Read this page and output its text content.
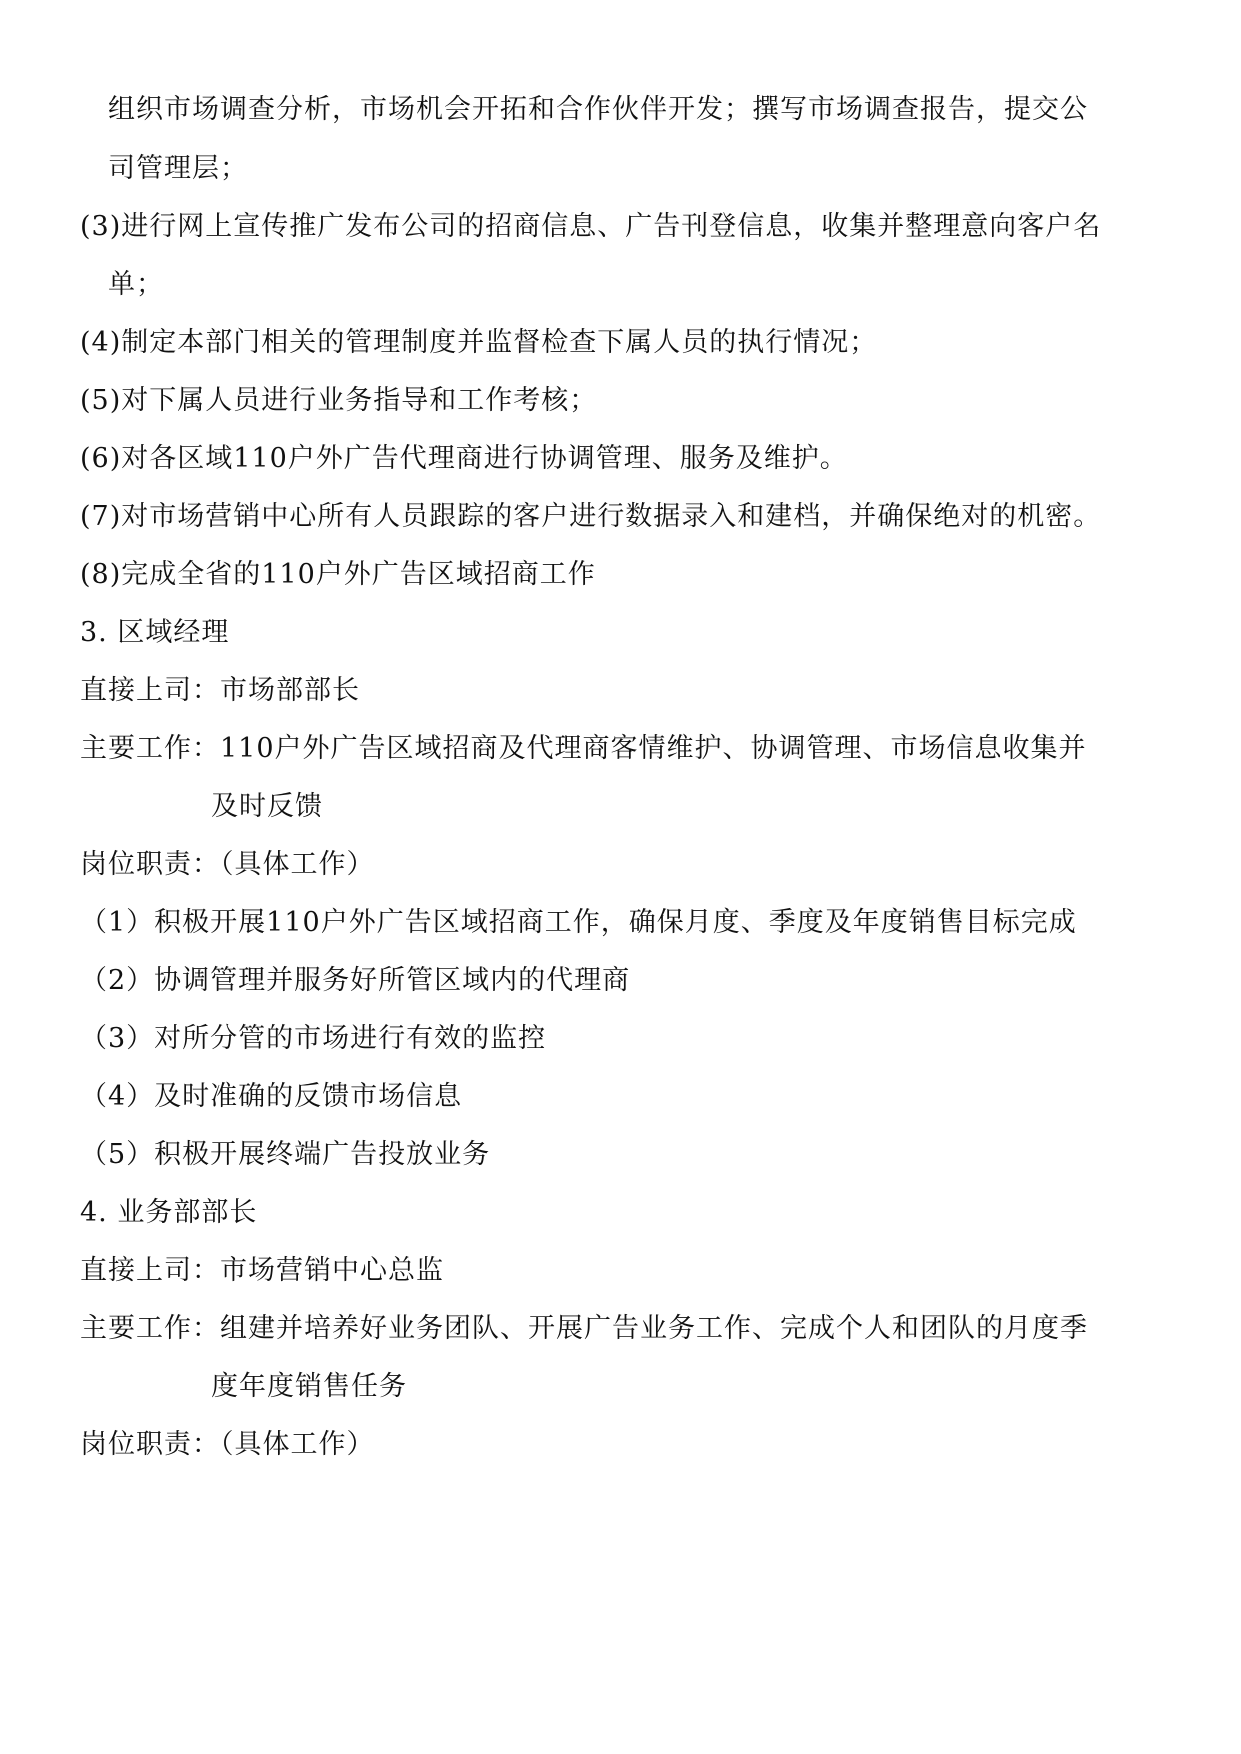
组织市场调查分析，市场机会开拓和合作伙伴开发；撰写市场调查报告，提交公
司管理层；
(3)进行网上宣传推广发布公司的招商信息、广告刊登信息，收集并整理意向客户名
单；
(4)制定本部门相关的管理制度并监督检查下属人员的执行情况；
(5)对下属人员进行业务指导和工作考核；
(6)对各区域110户外广告代理商进行协调管理、服务及维护。
(7)对市场营销中心所有人员跟踪的客户进行数据录入和建档，并确保绝对的机密。
(8)完成全省的110户外广告区域招商工作
3. 区域经理
直接上司：市场部部长
主要工作：110户外广告区域招商及代理商客情维护、协调管理、市场信息收集并
及时反馈
岗位职责：（具体工作）
（1）积极开展110户外广告区域招商工作，确保月度、季度及年度销售目标完成
（2）协调管理并服务好所管区域内的代理商
（3）对所分管的市场进行有效的监控
（4）及时准确的反馈市场信息
（5）积极开展终端广告投放业务
4. 业务部部长
直接上司：市场营销中心总监
主要工作：组建并培养好业务团队、开展广告业务工作、完成个人和团队的月度季
度年度销售任务
岗位职责：（具体工作）
